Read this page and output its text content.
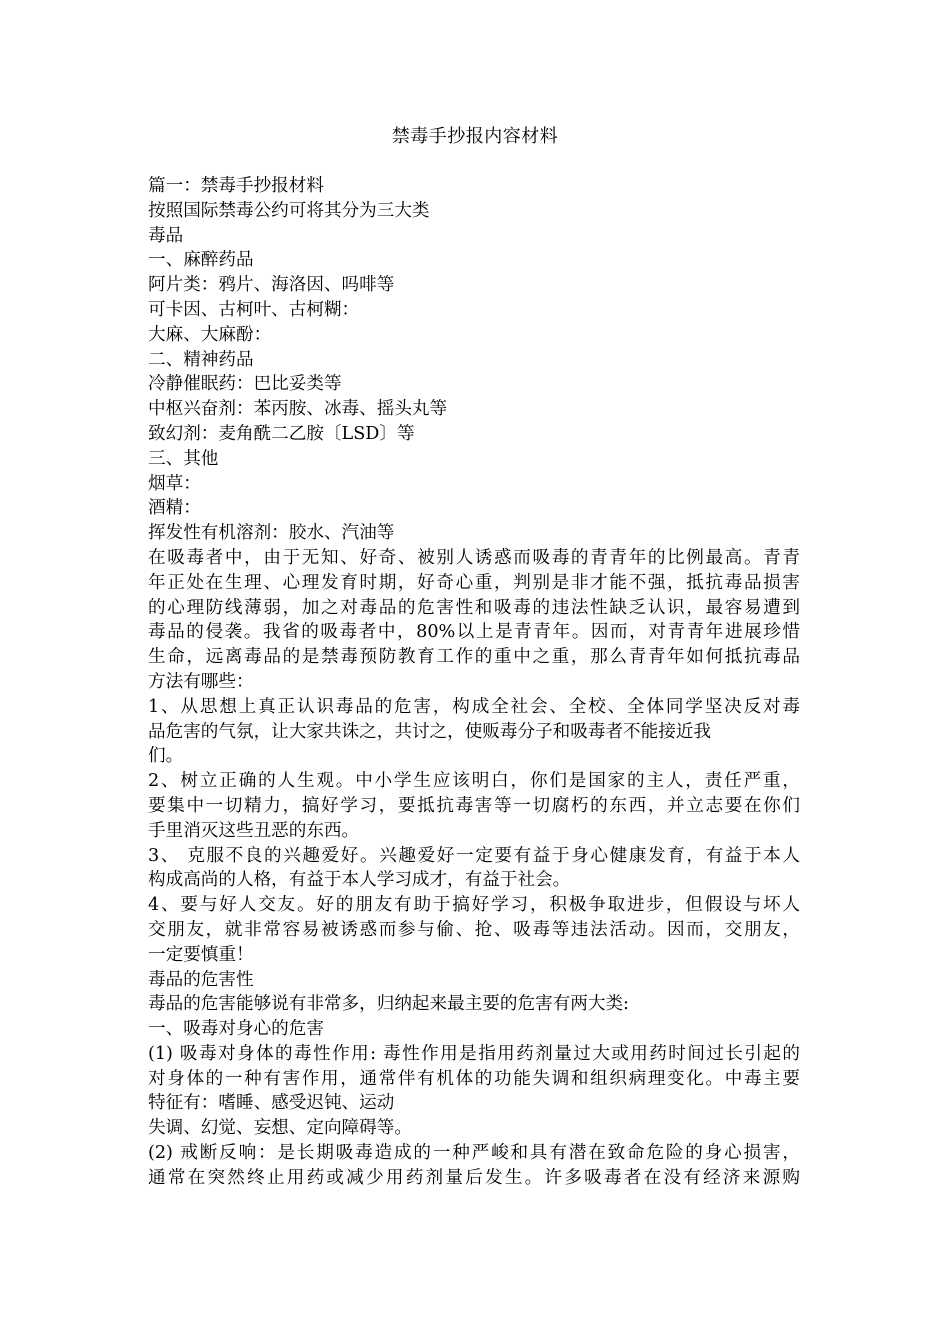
禁毒手抄报内容材料
篇一：禁毒手抄报材料
按照国际禁毒公约可将其分为三大类
毒品
一、麻醉药品
阿片类：鸦片、海洛因、吗啡等
可卡因、古柯叶、古柯糊：
大麻、大麻酚：
二、精神药品
冷静催眠药：巴比妥类等
中枢兴奋剂：苯丙胺、冰毒、摇头丸等
致幻剂：麦角酰二乙胺〔LSD〕等
三、其他
烟草：
酒精：
挥发性有机溶剂：胶水、汽油等
在吸毒者中，由于无知、好奇、被别人诱惑而吸毒的青青年的比例最高。青青
年正处在生理、心理发育时期，好奇心重，判别是非才能不强，抵抗毒品损害
的心理防线薄弱，加之对毒品的危害性和吸毒的违法性缺乏认识，最容易遭到
毒品的侵袭。我省的吸毒者中，80%以上是青青年。因而，对青青年进展珍惜
生命，远离毒品的是禁毒预防教育工作的重中之重，那么青青年如何抵抗毒品
方法有哪些：
1、从思想上真正认识毒品的危害，构成全社会、全校、全体同学坚决反对毒
品危害的气氛，让大家共诛之，共讨之，使贩毒分子和吸毒者不能接近我
们。
2、树立正确的人生观。中小学生应该明白，你们是国家的主人，责任严重，
要集中一切精力，搞好学习，要抵抗毒害等一切腐朽的东西，并立志要在你们
手里消灭这些丑恶的东西。
3、 克服不良的兴趣爱好。兴趣爱好一定要有益于身心健康发育，有益于本人
构成高尚的人格，有益于本人学习成才，有益于社会。
4、要与好人交友。好的朋友有助于搞好学习，积极争取进步，但假设与坏人
交朋友，就非常容易被诱惑而参与偷、抢、吸毒等违法活动。因而，交朋友，
一定要慎重！
毒品的危害性
毒品的危害能够说有非常多，归纳起来最主要的危害有两大类:
一、吸毒对身心的危害
(1) 吸毒对身体的毒性作用: 毒性作用是指用药剂量过大或用药时间过长引起的
对身体的一种有害作用，通常伴有机体的功能失调和组织病理变化。中毒主要
特征有：嗜睡、感受迟钝、运动
失调、幻觉、妄想、定向障碍等。
(2) 戒断反响：是长期吸毒造成的一种严峻和具有潜在致命危险的身心损害，
通常在突然终止用药或减少用药剂量后发生。许多吸毒者在没有经济来源购
